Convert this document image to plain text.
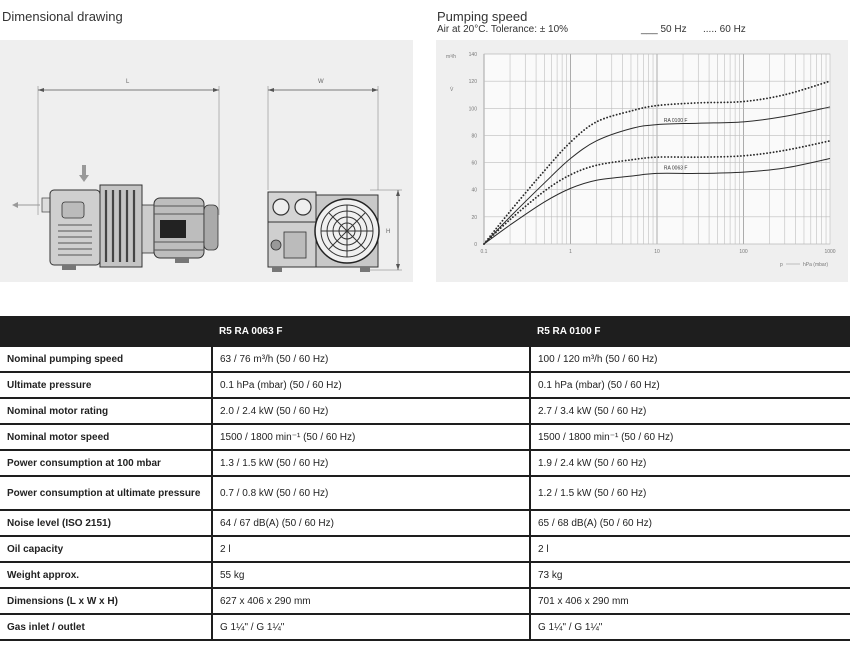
Dimensional drawing	Pumping speed
Air at 20°C. Tolerance: ± 10%	___ 50 Hz ..... 60 Hz
L	W
H
0
20
40
60
80
100
120
140
0.1	1	10	100	1000
m³/h
V̇
p	hPa (mbar)
RA 0100 F
RA 0063 F
	R5 RA 0063 F	R5 RA 0100 F
Nominal pumping speed	63 / 76 m³/h (50 / 60 Hz)	100 / 120 m³/h (50 / 60 Hz)
Ultimate pressure	0.1 hPa (mbar) (50 / 60 Hz)	0.1 hPa (mbar) (50 / 60 Hz)
Nominal motor rating	2.0 / 2.4 kW (50 / 60 Hz)	2.7 / 3.4 kW (50 / 60 Hz)
Nominal motor speed	1500 / 1800 min⁻¹ (50 / 60 Hz)	1500 / 1800 min⁻¹ (50 / 60 Hz)
Power consumption at 100 mbar	1.3 / 1.5 kW (50 / 60 Hz)	1.9 / 2.4 kW (50 / 60 Hz)
Power consumption at ultimate pressure	0.7 / 0.8 kW (50 / 60 Hz)	1.2 / 1.5 kW (50 / 60 Hz)
Noise level (ISO 2151)	64 / 67 dB(A) (50 / 60 Hz)	65 / 68 dB(A) (50 / 60 Hz)
Oil capacity	2 l	2 l
Weight approx.	55 kg	73 kg
Dimensions (L x W x H)	627 x 406 x 290 mm	701 x 406 x 290 mm
Gas inlet / outlet	G 1¼" / G 1¼"	G 1¼" / G 1¼"
